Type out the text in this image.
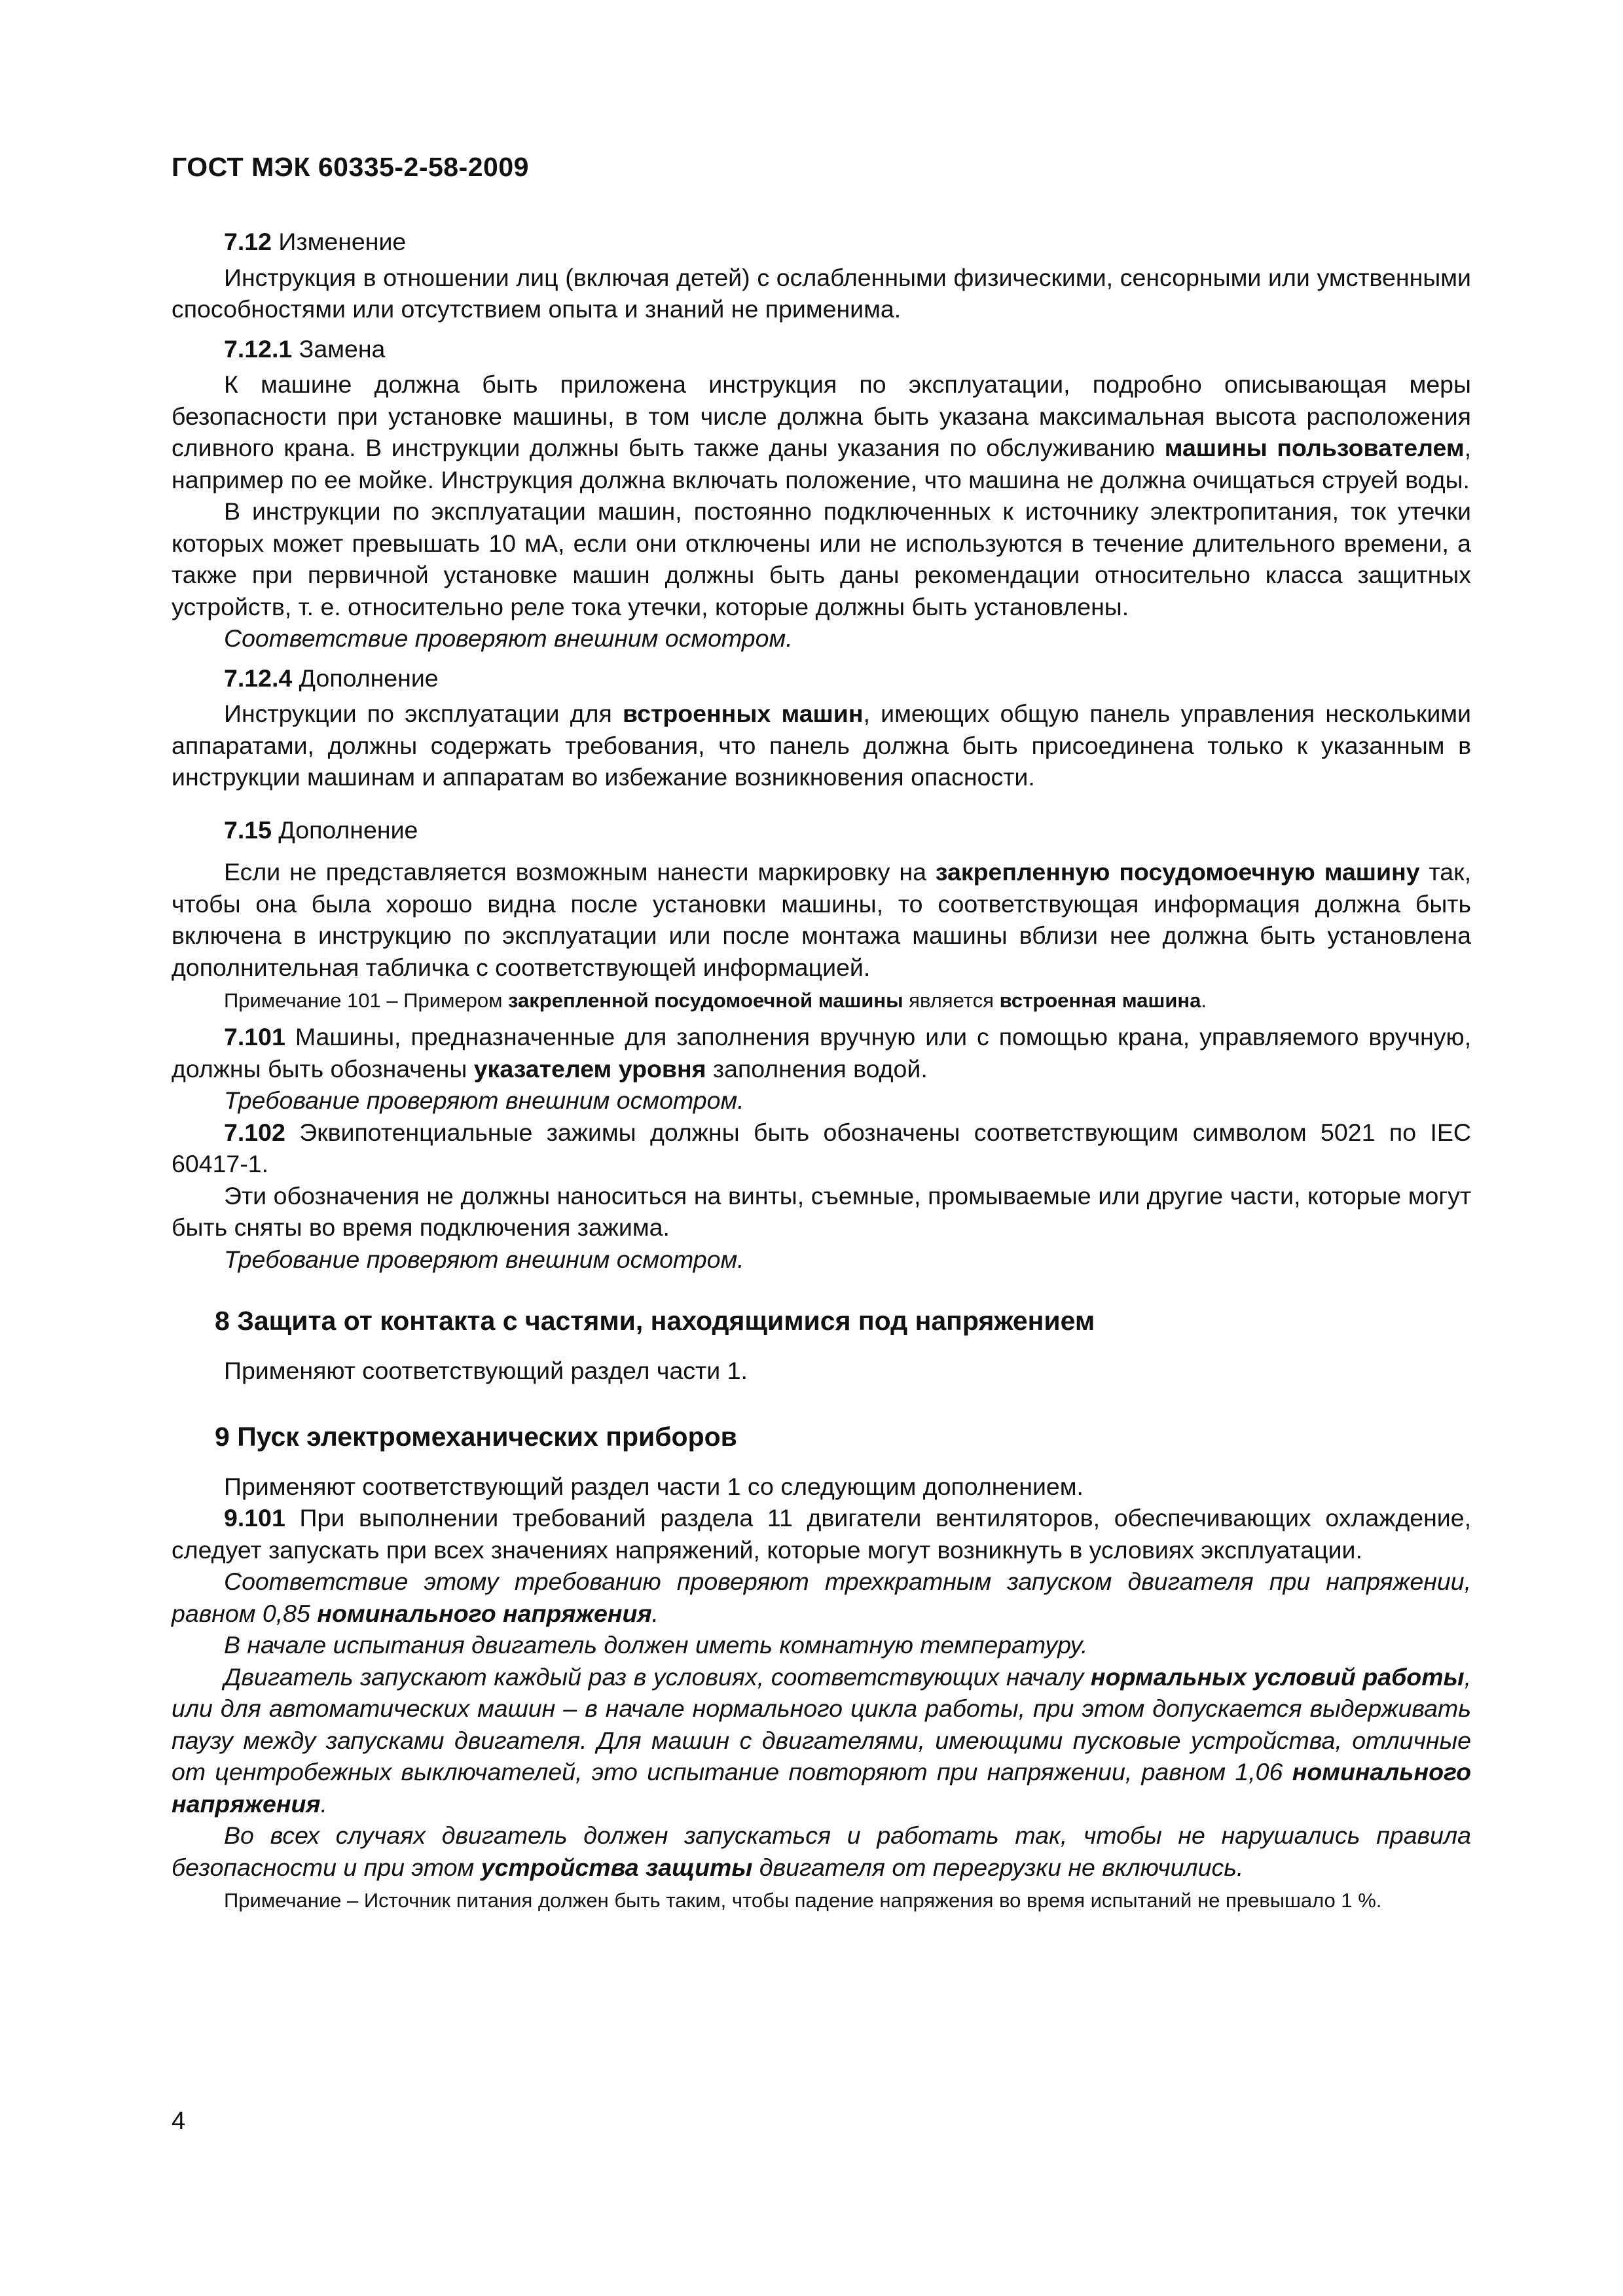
ГОСТ МЭК 60335-2-58-2009

7.12 Изменение

Инструкция в отношении лиц (включая детей) с ослабленными физическими, сенсорными или умственными способностями или отсутствием опыта и знаний не применима.

7.12.1 Замена

К машине должна быть приложена инструкция по эксплуатации, подробно описывающая меры безопасности при установке машины, в том числе должна быть указана максимальная высота расположения сливного крана. В инструкции должны быть также даны указания по обслуживанию машины пользователем, например по ее мойке. Инструкция должна включать положение, что машина не должна очищаться струей воды.

В инструкции по эксплуатации машин, постоянно подключенных к источнику электропитания, ток утечки которых может превышать 10 мА, если они отключены или не используются в течение длительного времени, а также при первичной установке машин должны быть даны рекомендации относительно класса защитных устройств, т. е. относительно реле тока утечки, которые должны быть установлены.

Соответствие проверяют внешним осмотром.

7.12.4 Дополнение

Инструкции по эксплуатации для встроенных машин, имеющих общую панель управления несколькими аппаратами, должны содержать требования, что панель должна быть присоединена только к указанным в инструкции машинам и аппаратам во избежание возникновения опасности.

7.15 Дополнение

Если не представляется возможным нанести маркировку на закрепленную посудомоечную машину так, чтобы она была хорошо видна после установки машины, то соответствующая информация должна быть включена в инструкцию по эксплуатации или после монтажа машины вблизи нее должна быть установлена дополнительная табличка с соответствующей информацией.

Примечание 101 – Примером закрепленной посудомоечной машины является встроенная машина.

7.101 Машины, предназначенные для заполнения вручную или с помощью крана, управляемого вручную, должны быть обозначены указателем уровня заполнения водой.

Требование проверяют внешним осмотром.

7.102 Эквипотенциальные зажимы должны быть обозначены соответствующим символом 5021 по IEC 60417-1.

Эти обозначения не должны наноситься на винты, съемные, промываемые или другие части, которые могут быть сняты во время подключения зажима.

Требование проверяют внешним осмотром.

8 Защита от контакта с частями, находящимися под напряжением

Применяют соответствующий раздел части 1.

9 Пуск электромеханических приборов

Применяют соответствующий раздел части 1 со следующим дополнением.

9.101 При выполнении требований раздела 11 двигатели вентиляторов, обеспечивающих охлаждение, следует запускать при всех значениях напряжений, которые могут возникнуть в условиях эксплуатации.

Соответствие этому требованию проверяют трехкратным запуском двигателя при напряжении, равном 0,85 номинального напряжения.

В начале испытания двигатель должен иметь комнатную температуру.

Двигатель запускают каждый раз в условиях, соответствующих началу нормальных условий работы, или для автоматических машин – в начале нормального цикла работы, при этом допускается выдерживать паузу между запусками двигателя. Для машин с двигателями, имеющими пусковые устройства, отличные от центробежных выключателей, это испытание повторяют при напряжении, равном 1,06 номинального напряжения.

Во всех случаях двигатель должен запускаться и работать так, чтобы не нарушались правила безопасности и при этом устройства защиты двигателя от перегрузки не включились.

Примечание – Источник питания должен быть таким, чтобы падение напряжения во время испытаний не превышало 1 %.

4
